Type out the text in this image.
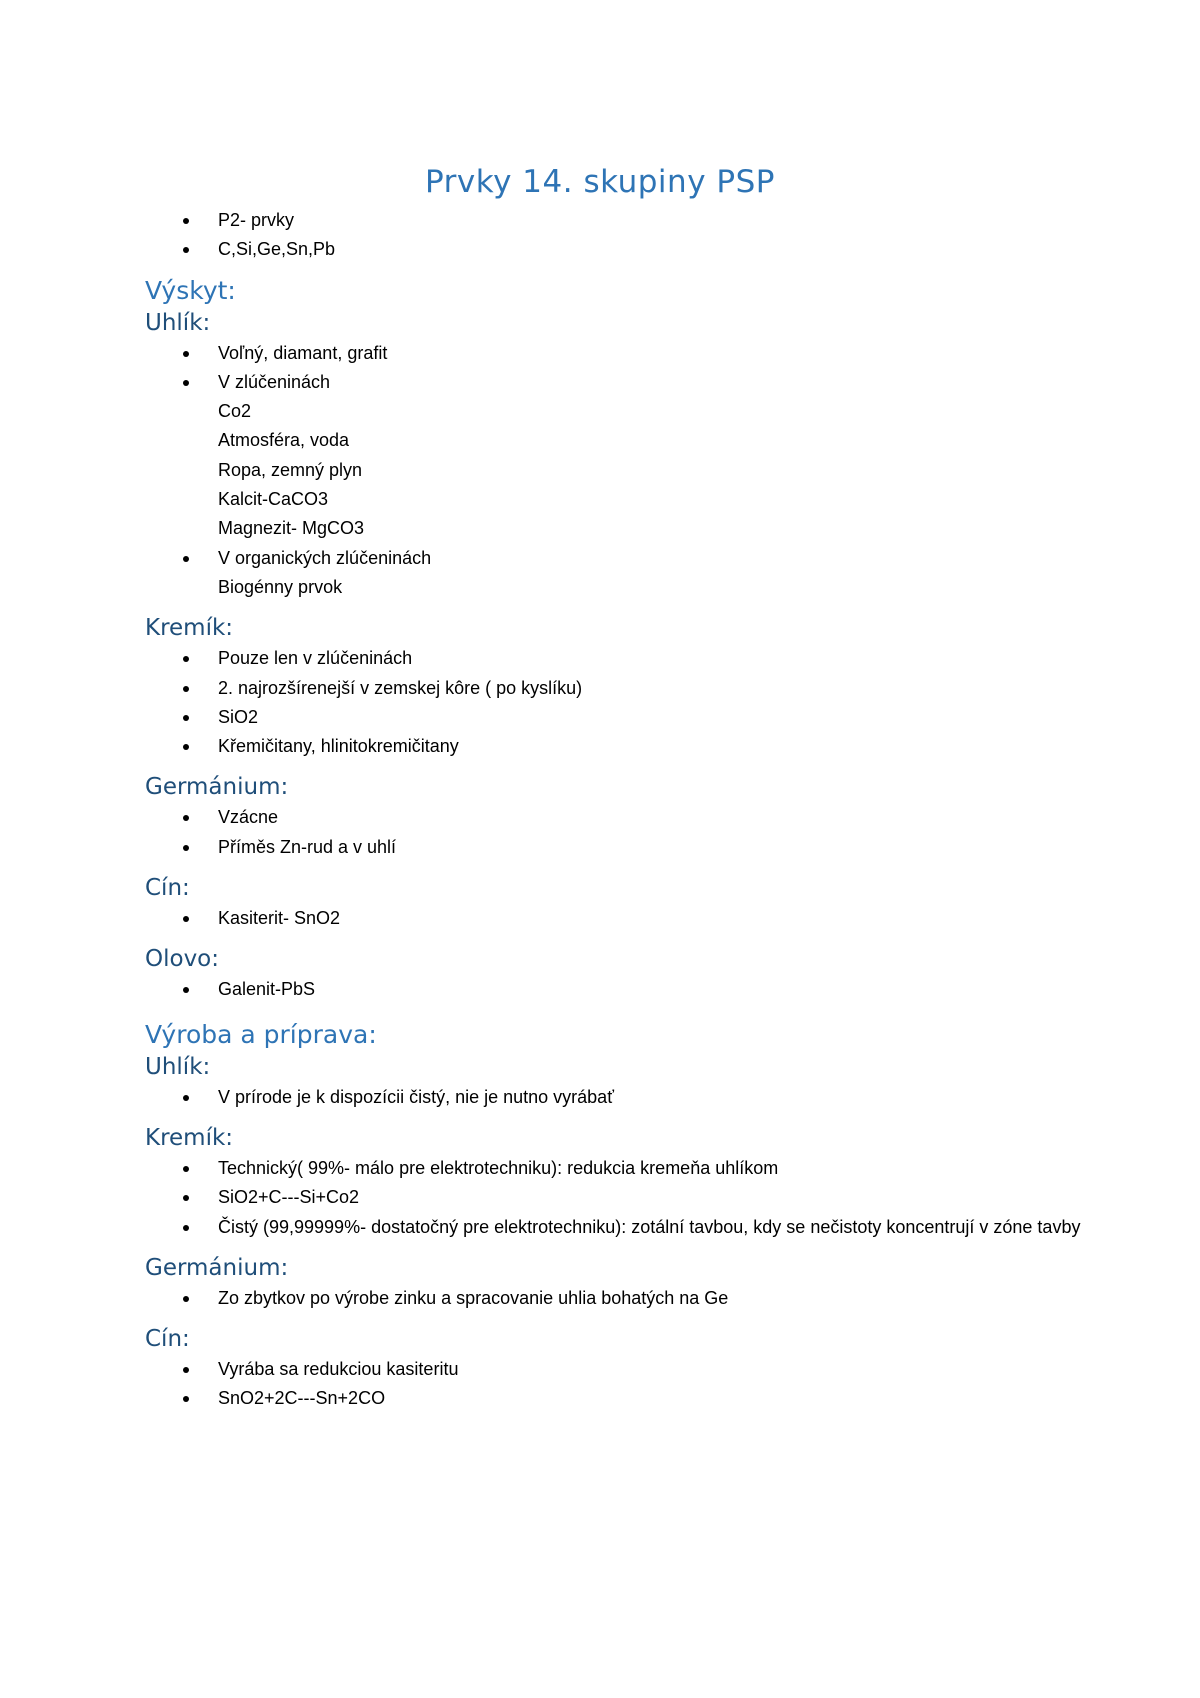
Prvky 14. skupiny PSP
P2- prvky
C,Si,Ge,Sn,Pb
Výskyt:
Uhlík:
Voľný, diamant, grafit
V zlúčeninách
Co2
Atmosféra, voda
Ropa, zemný plyn
Kalcit-CaCO3
Magnezit- MgCO3
V organických zlúčeninách
Biogénny prvok
Kremík:
Pouze len v zlúčeninách
2. najrozšírenejší v zemskej kôre ( po kyslíku)
SiO2
Křemičitany, hlinitokremičitany
Germánium:
Vzácne
Příměs Zn-rud a v uhlí
Cín:
Kasiterit- SnO2
Olovo:
Galenit-PbS
Výroba a príprava:
Uhlík:
V prírode je k dispozícii čistý, nie je nutno vyrábať
Kremík:
Technický( 99%- málo pre elektrotechniku): redukcia kremeňa uhlíkom
SiO2+C---Si+Co2
Čistý (99,99999%- dostatočný pre elektrotechniku): zotální tavbou, kdy se nečistoty koncentrují v zóne tavby
Germánium:
Zo zbytkov po výrobe zinku a spracovanie uhlia bohatých na Ge
Cín:
Vyrába sa redukciou kasiteritu
SnO2+2C---Sn+2CO
